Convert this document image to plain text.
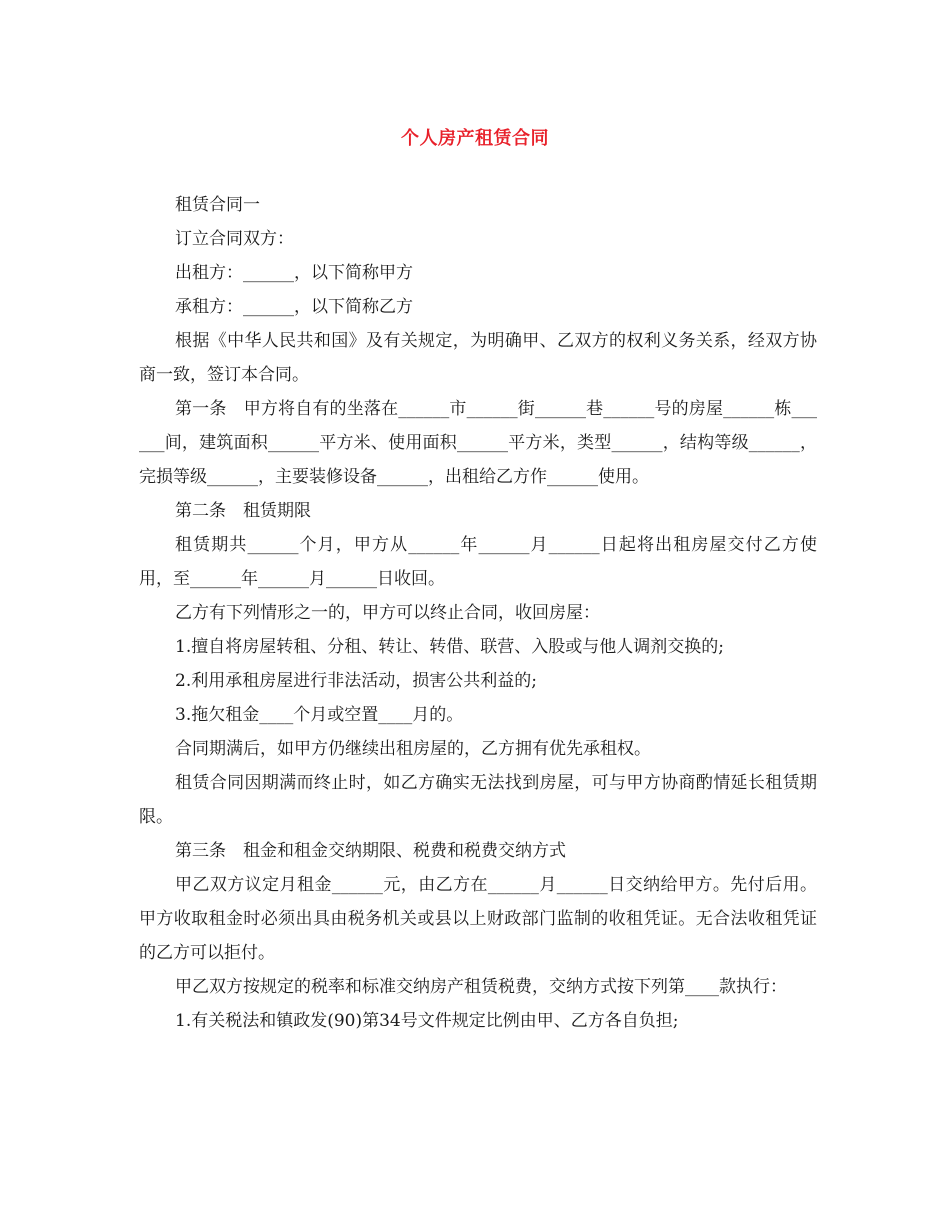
个人房产租赁合同

租赁合同一

订立合同双方：

出租方：______，以下简称甲方

承租方：______，以下简称乙方

根据《中华人民共和国》及有关规定，为明确甲、乙双方的权利义务关系，经双方协商一致，签订本合同。

第一条　甲方将自有的坐落在______市______街______巷______号的房屋______栋______间，建筑面积______平方米、使用面积______平方米，类型______，结构等级______，完损等级______，主要装修设备______，出租给乙方作______使用。

第二条　租赁期限

租赁期共______个月，甲方从______年______月______日起将出租房屋交付乙方使用，至______年______月______日收回。

乙方有下列情形之一的，甲方可以终止合同，收回房屋：

1.擅自将房屋转租、分租、转让、转借、联营、入股或与他人调剂交换的;

2.利用承租房屋进行非法活动，损害公共利益的;

3.拖欠租金____个月或空置____月的。

合同期满后，如甲方仍继续出租房屋的，乙方拥有优先承租权。

租赁合同因期满而终止时，如乙方确实无法找到房屋，可与甲方协商酌情延长租赁期限。

第三条　租金和租金交纳期限、税费和税费交纳方式

甲乙双方议定月租金______元，由乙方在______月______日交纳给甲方。先付后用。甲方收取租金时必须出具由税务机关或县以上财政部门监制的收租凭证。无合法收租凭证的乙方可以拒付。

甲乙双方按规定的税率和标准交纳房产租赁税费，交纳方式按下列第____款执行：

1.有关税法和镇政发(90)第34号文件规定比例由甲、乙方各自负担;
